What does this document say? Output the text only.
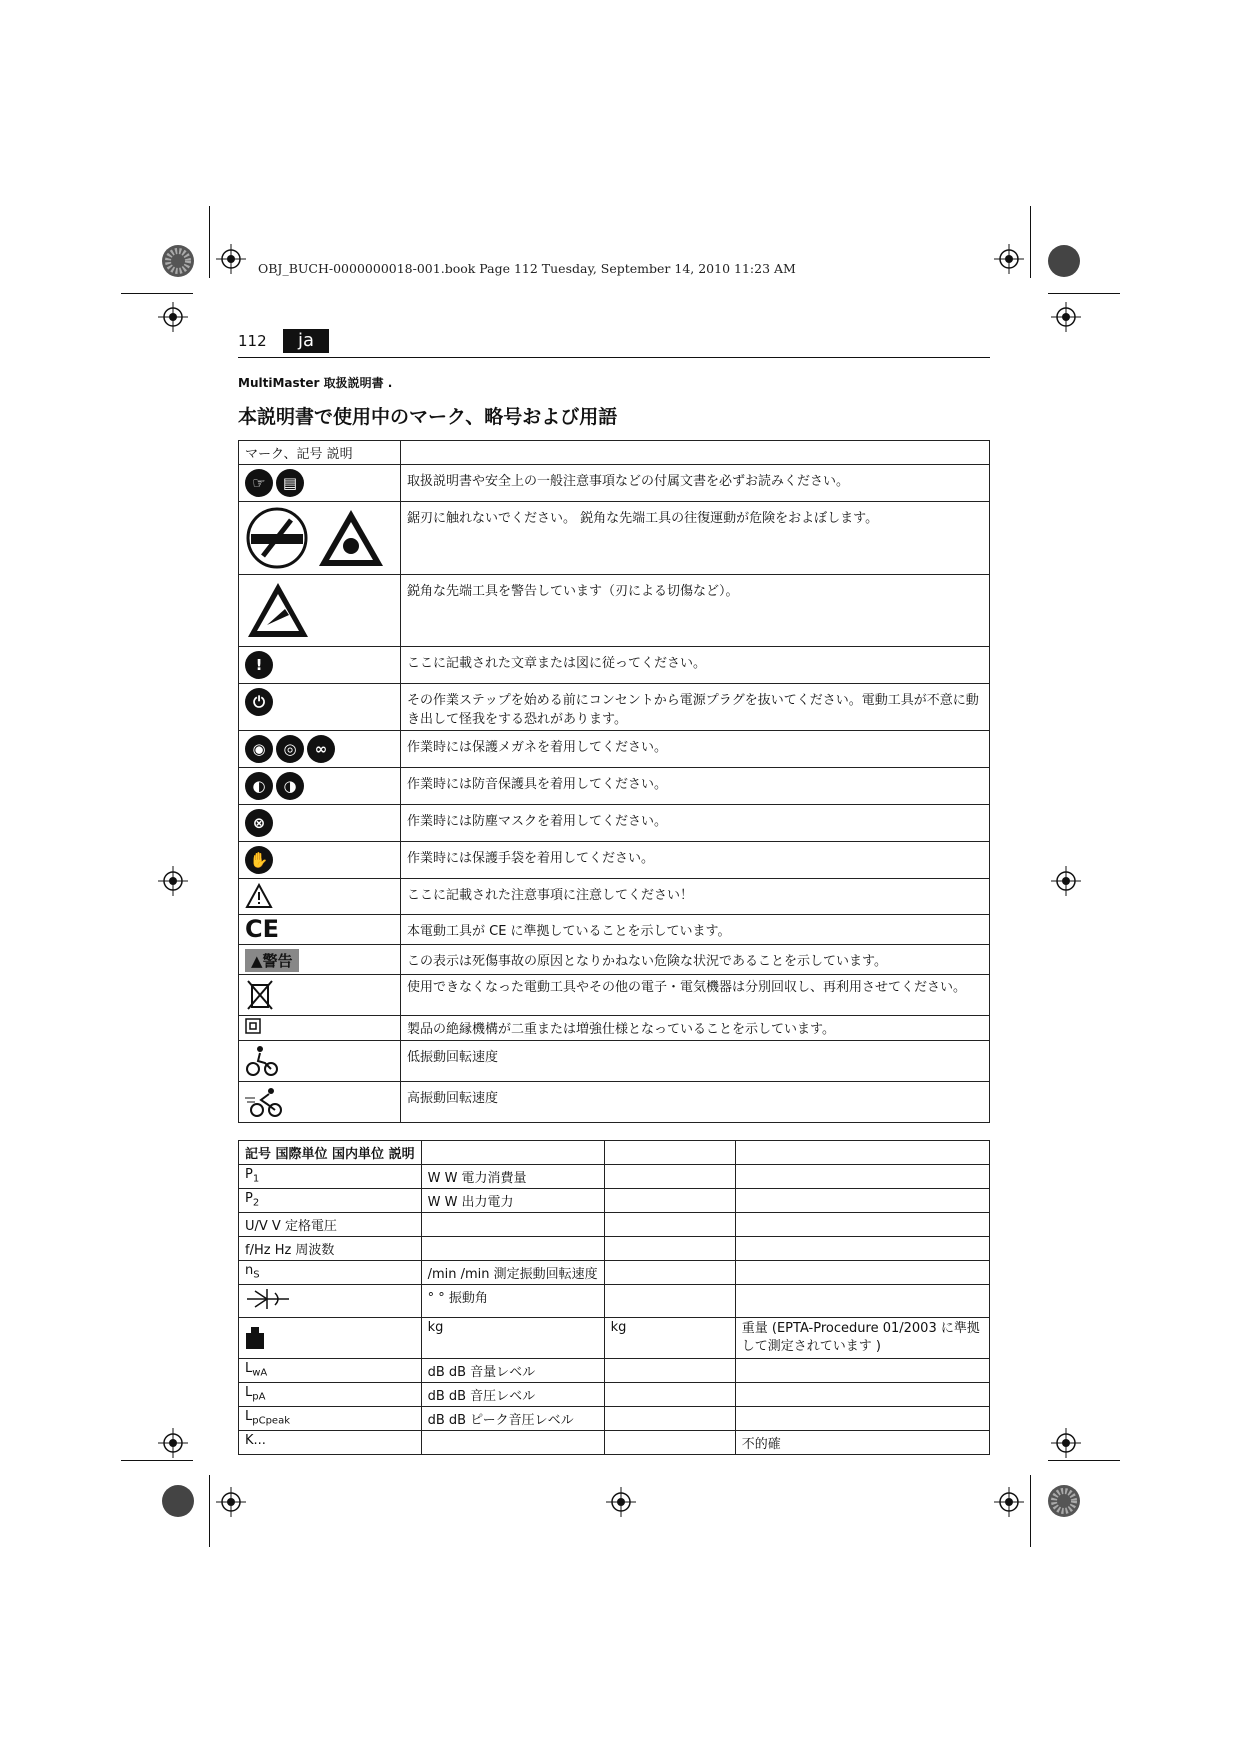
OBJ_BUCH-0000000018-001.book Page 112 Tuesday, September 14, 2010 11:23 AM
112	ja
MultiMaster 取扱説明書 .
本説明書で使用中のマーク、略号および用語
マーク、記号 説明	
☞ ▤	取扱説明書や安全上の一般注意事項などの付属文書を必ずお読みください。
	鋸刃に触れないでください。 鋭角な先端工具の往復運動が危険をおよぼします。
	鋭角な先端工具を警告しています（刃による切傷など）。
!	ここに記載された文章または図に従ってください。
⏻	その作業ステップを始める前にコンセントから電源プラグを抜いてください。電動工具が不意に動き出して怪我をする恐れがあります。
◉ ◎ ∞	作業時には保護メガネを着用してください。
◐ ◑	作業時には防音保護具を着用してください。
⊗	作業時には防塵マスクを着用してください。
✋	作業時には保護手袋を着用してください。
	ここに記載された注意事項に注意してください！
CE	本電動工具が CE に準拠していることを示しています。
▲警告	この表示は死傷事故の原因となりかねない危険な状況であることを示しています。
	使用できなくなった電動工具やその他の電子・電気機器は分別回収し、再利用させてください。
	製品の絶縁機構が二重または増強仕様となっていることを示しています。
	低振動回転速度
	高振動回転速度
記号 国際単位 国内単位 説明			
$P_1$	W W 電力消費量		
$P_2$	W W 出力電力		
U/V V 定格電圧			
f/Hz Hz 周波数			
$n_S$	/min /min 測定振動回転速度		
	° ° 振動角		
	kg	kg	重量 (EPTA-Procedure 01/2003 に準拠して測定されています )
$L_{wA}$	dB dB 音量レベル		
$L_{pA}$	dB dB 音圧レベル		
$L_{pCpeak}$	dB dB ピーク音圧レベル		
K...			不的確
